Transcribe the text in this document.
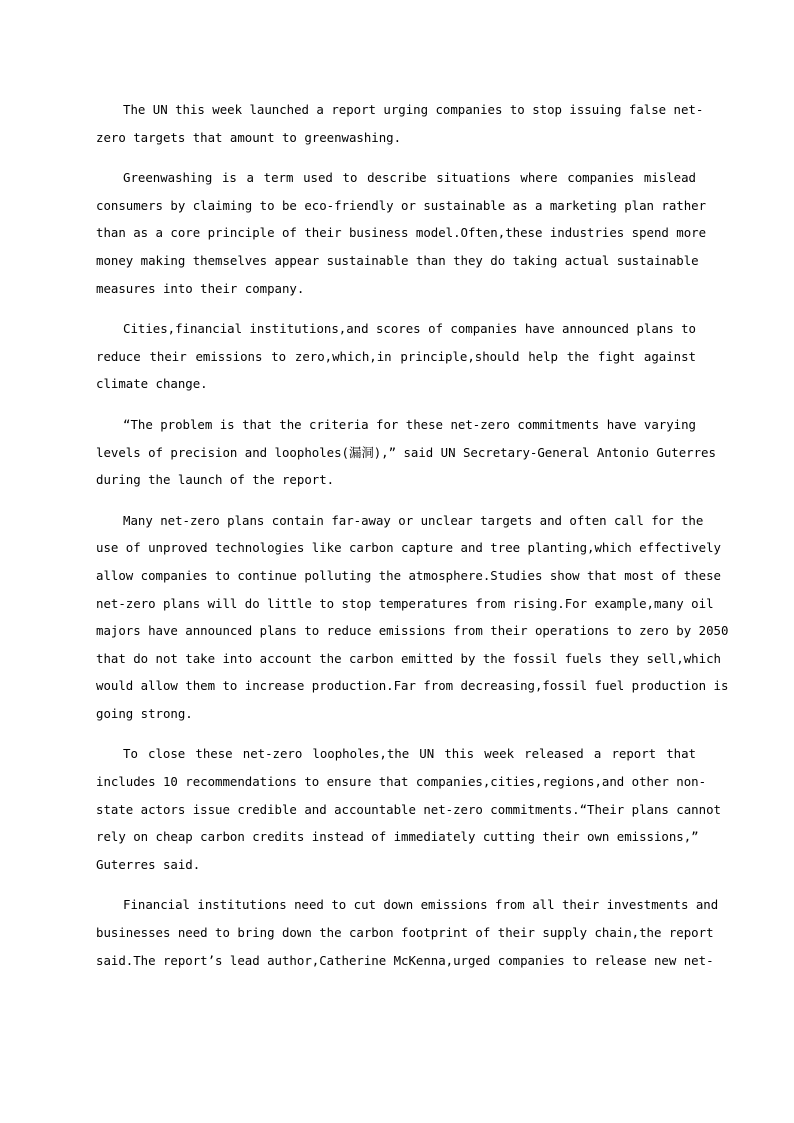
The UN this week launched a report urging companies to stop issuing false net-
zero targets that amount to greenwashing.
Greenwashing is a term used to describe situations where companies mislead
consumers by claiming to be eco-friendly or sustainable as a marketing plan rather
than as a core principle of their business model.Often,these industries spend more
money making themselves appear sustainable than they do taking actual sustainable
measures into their company.
Cities,financial institutions,and scores of companies have announced plans to
reduce their emissions to zero,which,in principle,should help the fight against
climate change.
“The problem is that the criteria for these net-zero commitments have varying
levels of precision and loopholes(漏洞),” said UN Secretary-General Antonio Guterres
during the launch of the report.
Many net-zero plans contain far-away or unclear targets and often call for the
use of unproved technologies like carbon capture and tree planting,which effectively
allow companies to continue polluting the atmosphere.Studies show that most of these
net-zero plans will do little to stop temperatures from rising.For example,many oil
majors have announced plans to reduce emissions from their operations to zero by 2050
that do not take into account the carbon emitted by the fossil fuels they sell,which
would allow them to increase production.Far from decreasing,fossil fuel production is
going strong.
To close these net-zero loopholes,the UN this week released a report that
includes 10 recommendations to ensure that companies,cities,regions,and other non-
state actors issue credible and accountable net-zero commitments.“Their plans cannot
rely on cheap carbon credits instead of immediately cutting their own emissions,”
Guterres said.
Financial institutions need to cut down emissions from all their investments and
businesses need to bring down the carbon footprint of their supply chain,the report
said.The report’s lead author,Catherine McKenna,urged companies to release new net-
